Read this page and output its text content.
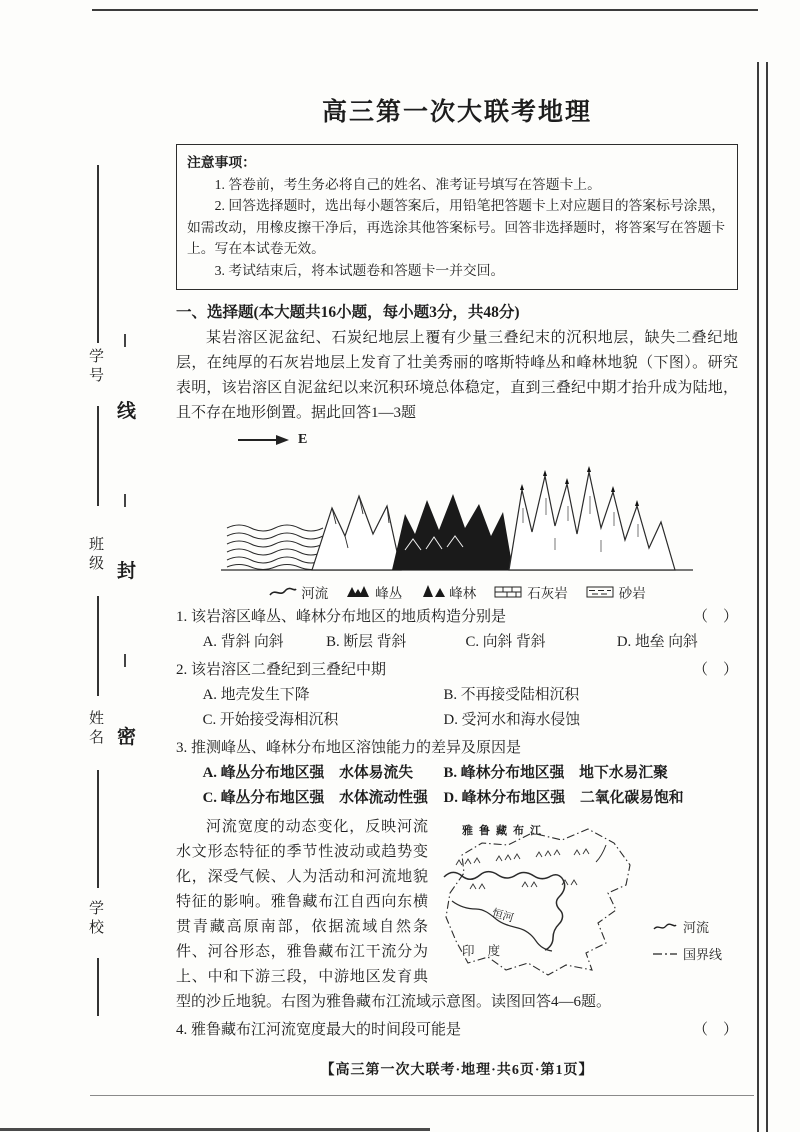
学号
班级
姓名
学校
线
封
密
高三第一次大联考地理
注意事项：

1. 答卷前，考生务必将自己的姓名、准考证号填写在答题卡上。

2. 回答选择题时，选出每小题答案后，用铅笔把答题卡上对应题目的答案标号涂黑，如需改动，用橡皮擦干净后，再选涂其他答案标号。回答非选择题时，将答案写在答题卡上。写在本试卷无效。

3. 考试结束后，将本试题卷和答题卡一并交回。

一、选择题(本大题共16小题，每小题3分，共48分)

某岩溶区泥盆纪、石炭纪地层上覆有少量三叠纪末的沉积地层，缺失二叠纪地层，在纯厚的石灰岩地层上发育了壮美秀丽的喀斯特峰丛和峰林地貌（下图）。研究表明，该岩溶区自泥盆纪以来沉积环境总体稳定，直到三叠纪中期才抬升成为陆地，且不存在地形倒置。据此回答1—3题

E
河流	峰丛	峰林	石灰岩	砂岩
1. 该岩溶区峰丛、峰林分布地区的地质构造分别是	（　）
A. 背斜 向斜	B. 断层 背斜	C. 向斜 背斜	D. 地垒 向斜
2. 该岩溶区二叠纪到三叠纪中期	（　）
A. 地壳发生下降	B. 不再接受陆相沉积
C. 开始接受海相沉积	D. 受河水和海水侵蚀
3. 推测峰丛、峰林分布地区溶蚀能力的差异及原因是
A. 峰丛分布地区强　水体易流失	B. 峰林分布地区强　地下水易汇聚
C. 峰丛分布地区强　水体流动性强	D. 峰林分布地区强　二氧化碳易饱和
雅鲁藏布江
恒河
印 度
河流
国界线

河流宽度的动态变化，反映河流水文形态特征的季节性波动或趋势变化，深受气候、人为活动和河流地貌特征的影响。雅鲁藏布江自西向东横贯青藏高原南部，依据流域自然条件、河谷形态，雅鲁藏布江干流分为上、中和下游三段，中游地区发育典型的沙丘地貌。右图为雅鲁藏布江流域示意图。读图回答4—6题。

4. 雅鲁藏布江河流宽度最大的时间段可能是	（　）
【高三第一次大联考·地理·共6页·第1页】
